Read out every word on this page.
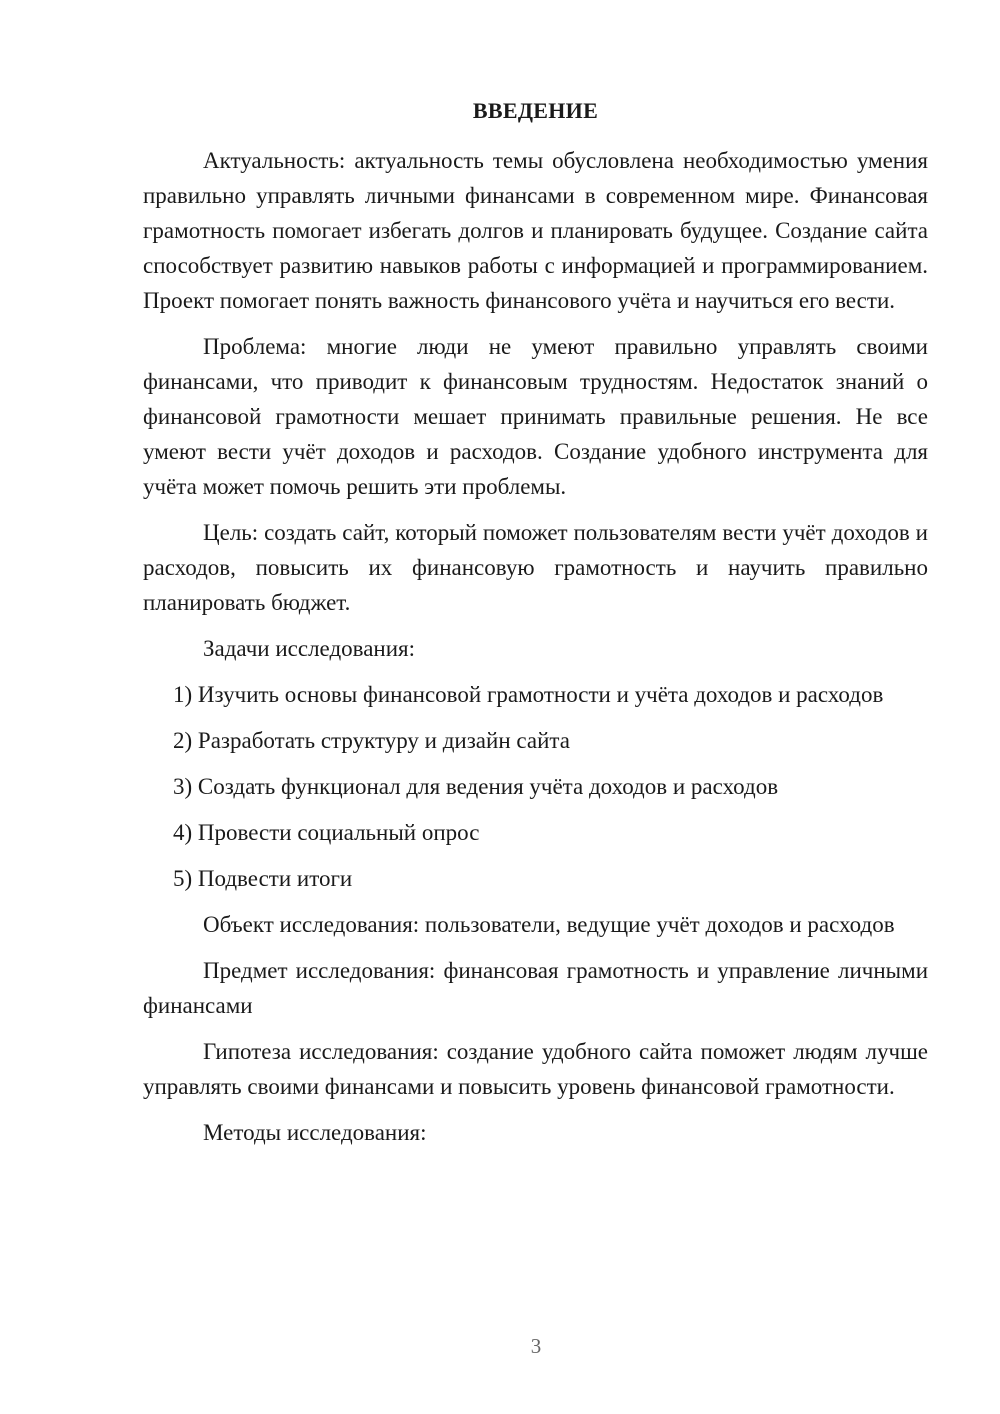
ВВЕДЕНИЕ

Актуальность: актуальность темы обусловлена необходимостью умения правильно управлять личными финансами в современном мире. Финансовая грамотность помогает избегать долгов и планировать будущее. Создание сайта способствует развитию навыков работы с информацией и программированием. Проект помогает понять важность финансового учёта и научиться его вести.

Проблема: многие люди не умеют правильно управлять своими финансами, что приводит к финансовым трудностям. Недостаток знаний о финансовой грамотности мешает принимать правильные решения. Не все умеют вести учёт доходов и расходов. Создание удобного инструмента для учёта может помочь решить эти проблемы.

Цель: создать сайт, который поможет пользователям вести учёт доходов и расходов, повысить их финансовую грамотность и научить правильно планировать бюджет.

Задачи исследования:

1) Изучить основы финансовой грамотности и учёта доходов и расходов

2) Разработать структуру и дизайн сайта

3) Создать функционал для ведения учёта доходов и расходов

4) Провести социальный опрос

5) Подвести итоги

Объект исследования: пользователи, ведущие учёт доходов и расходов

Предмет исследования: финансовая грамотность и управление личными финансами

Гипотеза исследования: создание удобного сайта поможет людям лучше управлять своими финансами и повысить уровень финансовой грамотности.

Методы исследования:

3
